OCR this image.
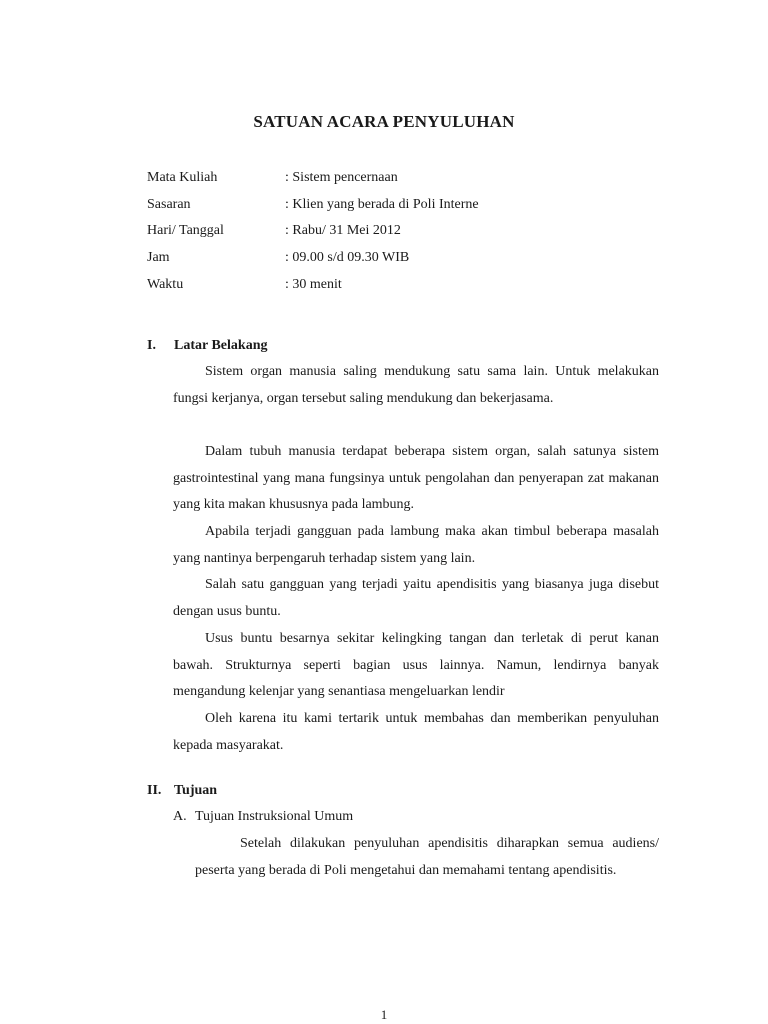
SATUAN ACARA PENYULUHAN
Mata Kuliah	: Sistem pencernaan
Sasaran	: Klien yang berada di Poli Interne
Hari/ Tanggal	: Rabu/ 31 Mei 2012
Jam	: 09.00 s/d 09.30 WIB
Waktu	: 30 menit
I.	Latar Belakang

Sistem organ manusia saling mendukung satu sama lain. Untuk melakukan fungsi kerjanya, organ tersebut saling mendukung dan bekerjasama.

Dalam tubuh manusia terdapat beberapa sistem organ, salah satunya sistem gastrointestinal yang mana fungsinya untuk pengolahan dan penyerapan zat makanan yang kita makan khususnya pada lambung.

Apabila terjadi gangguan pada lambung maka akan timbul beberapa masalah yang nantinya berpengaruh terhadap sistem yang lain.

Salah satu gangguan yang terjadi yaitu apendisitis yang biasanya juga disebut dengan usus buntu.

Usus buntu besarnya sekitar kelingking tangan dan terletak di perut kanan bawah. Strukturnya seperti bagian usus lainnya. Namun, lendirnya banyak mengandung kelenjar yang senantiasa mengeluarkan lendir

Oleh karena itu kami tertarik untuk membahas dan memberikan penyuluhan kepada masyarakat.

II. Tujuan
A. Tujuan Instruksional Umum

Setelah dilakukan penyuluhan apendisitis diharapkan semua audiens/ peserta yang berada di Poli mengetahui dan memahami tentang apendisitis.

1
